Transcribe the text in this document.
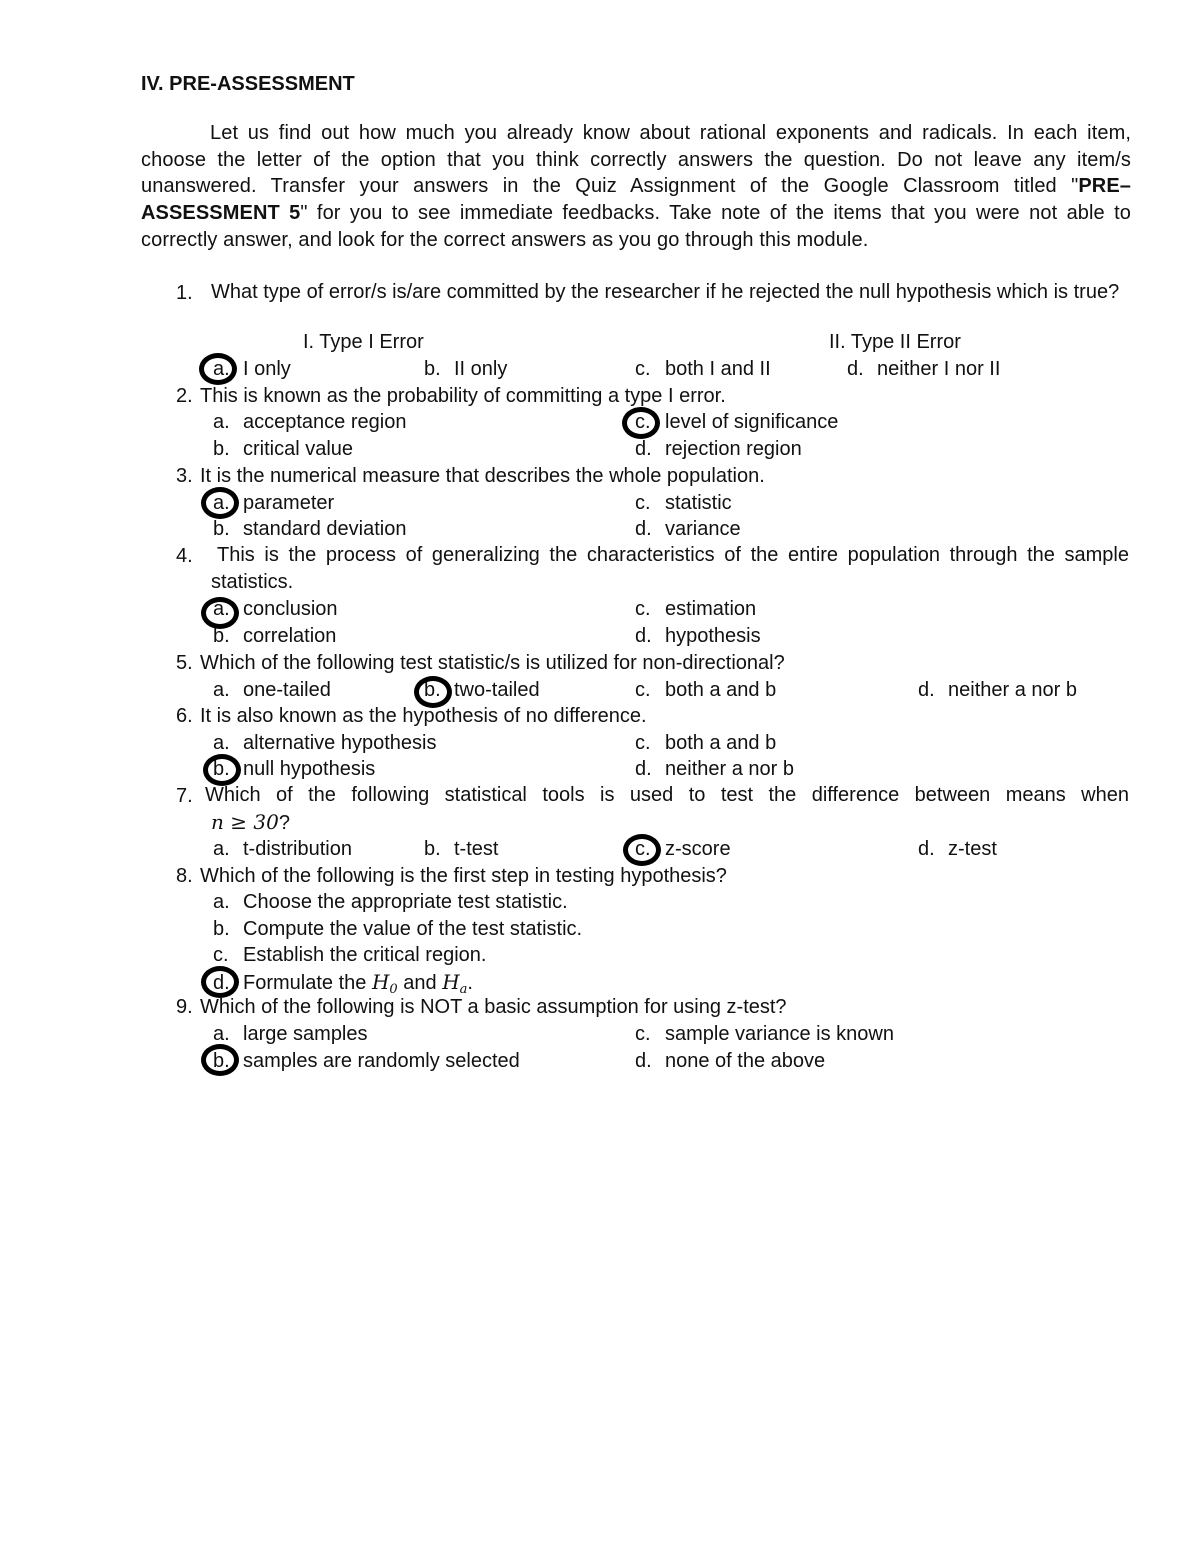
IV. PRE-ASSESSMENT
Let us find out how much you already know about rational exponents and radicals. In each item, choose the letter of the option that you think correctly answers the question. Do not leave any item/s unanswered. Transfer your answers in the Quiz Assignment of the Google Classroom titled "PRE–ASSESSMENT 5" for you to see immediate feedbacks. Take note of the items that you were not able to correctly answer, and look for the correct answers as you go through this module.
1. What type of error/s is/are committed by the researcher if he rejected the null hypothesis which is true?
I. Type I Error	II. Type II Error
a. I only	b. II only	c. both I and II	d. neither I nor II
2. This is known as the probability of committing a type I error.
a. acceptance region
b. critical value
c. level of significance
d. rejection region
3. It is the numerical measure that describes the whole population.
a. parameter
b. standard deviation
c. statistic
d. variance
4.	This is the process of generalizing the characteristics of the entire population through the sample statistics.
a. conclusion
b. correlation
c. estimation
d. hypothesis
5. Which of the following test statistic/s is utilized for non-directional?
a. one-tailed	b. two-tailed	c. both a and b	d. neither a nor b
6. It is also known as the hypothesis of no difference.
a. alternative hypothesis
b. null hypothesis
c. both a and b
d. neither a nor b
7. Which of the following statistical tools is used to test the difference between means when
n ≥ 30?
a. t-distribution	b. t-test	c. z-score	d. z-test
8. Which of the following is the first step in testing hypothesis?
a. Choose the appropriate test statistic.
b. Compute the value of the test statistic.
c. Establish the critical region.
d. Formulate the $H_0$ and $H_a$.
9. Which of the following is NOT a basic assumption for using z-test?
a. large samples
b. samples are randomly selected
c. sample variance is known
d. none of the above
